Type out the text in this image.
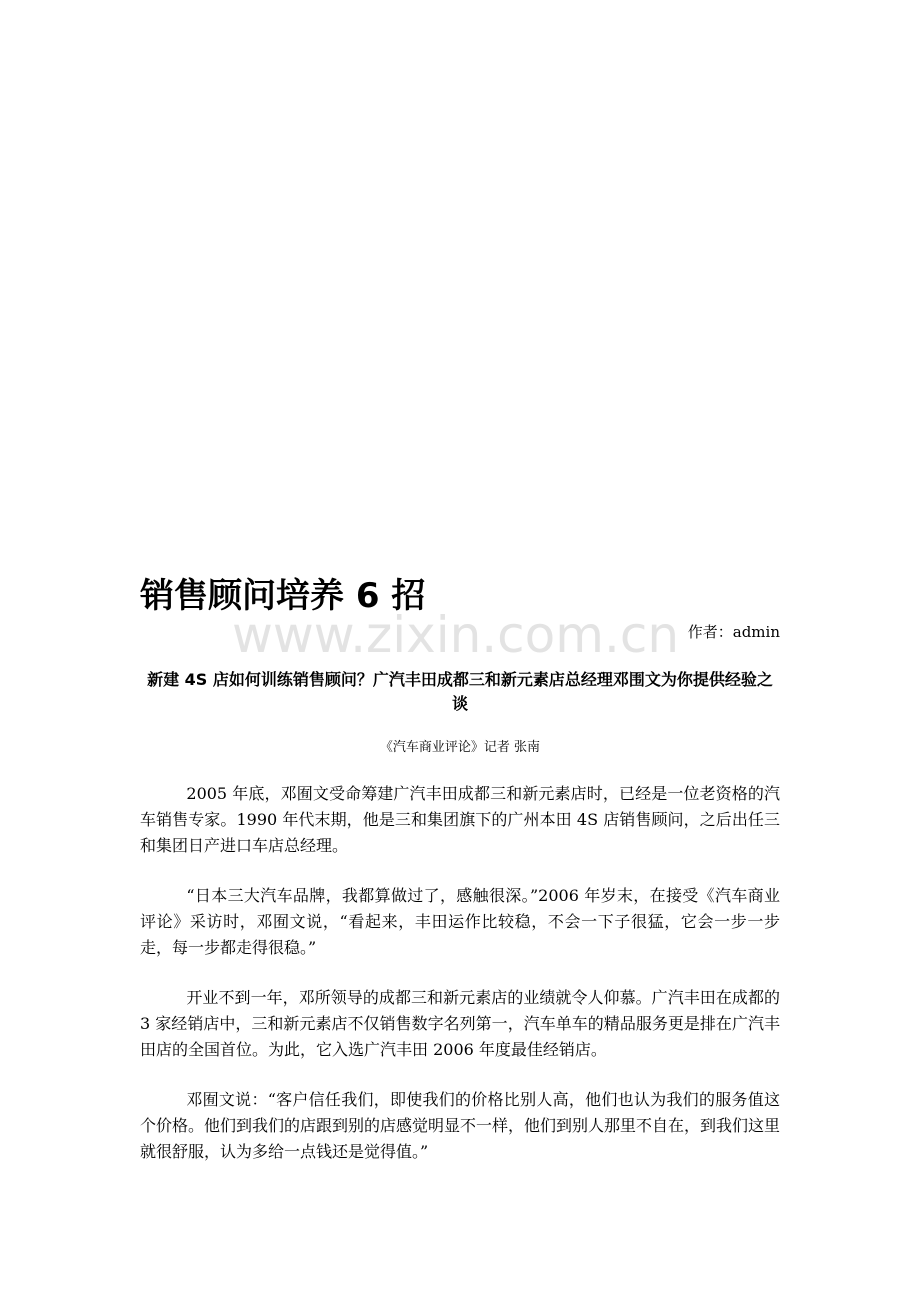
www.zixin.com.cn
销售顾问培养 6 招
作者：admin
新建 4S 店如何训练销售顾问？广汽丰田成都三和新元素店总经理邓围文为你提供经验之谈
《汽车商业评论》记者 张南

2005 年底，邓囿文受命筹建广汽丰田成都三和新元素店时，已经是一位老资格的汽车销售专家。1990 年代末期，他是三和集团旗下的广州本田 4S 店销售顾问，之后出任三和集团日产进口车店总经理。

“日本三大汽车品牌，我都算做过了，感触很深。”2006 年岁末，在接受《汽车商业评论》采访时，邓囿文说，“看起来，丰田运作比较稳，不会一下子很猛，它会一步一步走，每一步都走得很稳。”

开业不到一年，邓所领导的成都三和新元素店的业绩就令人仰慕。广汽丰田在成都的 3 家经销店中，三和新元素店不仅销售数字名列第一，汽车单车的精品服务更是排在广汽丰田店的全国首位。为此，它入选广汽丰田 2006 年度最佳经销店。

邓囿文说：“客户信任我们，即使我们的价格比别人高，他们也认为我们的服务值这个价格。他们到我们的店跟到别的店感觉明显不一样，他们到别人那里不自在，到我们这里就很舒服，认为多给一点钱还是觉得值。”
